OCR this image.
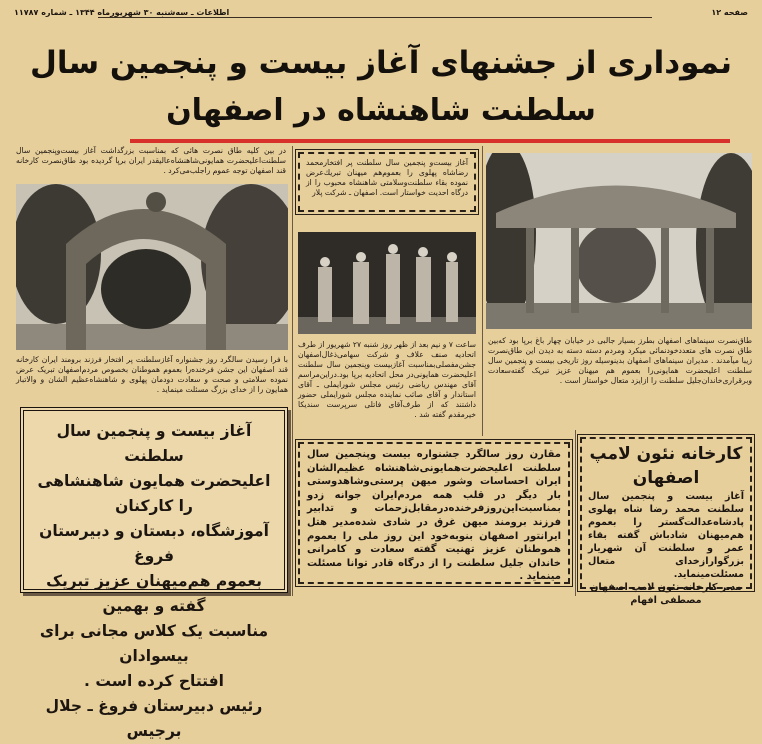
صفحه ۱۲
اطلاعات ـ سه‌شنبه ۳۰ شهریورماه ۱۳۴۴ ـ شماره ۱۱۷۸۷
نموداری از جشنهای آغاز بیست و پنجمین سال
سلطنت شاهنشاه در اصفهان
در بین کلیه طاق نصرت هائی که بمناسبت بزرگداشت آغاز بیست‌وپنجمین سال سلطنت‌اعلیحضرت همایونی‌شاهنشاه‌عالیقدر ایران برپا گردیده بود طاق‌نصرت کارخانه قند اصفهان توجه عموم راجلب‌می‌کرد .
با فرا رسیدن سالگرد روز جشنواره آغازسلطنت پر افتخار فرزند برومند ایران کارخانه قند اصفهان این جشن فرخنده‌را بعموم هموطنان بخصوص مردم‌اصفهان تبریک عرض نموده سلامتی و صحت و سعادت دودمان پهلوی و شاهنشاه‌عظیم الشان و والاتبار همایون را از خدای بزرگ مسئلت مینماید .
آغاز بیست و پنجمین سال سلطنت
اعلیحضرت همایون شاهنشاهی را کارکنان
آموزشگاه، دبستان و دبیرستان فروغ
بعموم هم‌میهنان عزیز تبریک گفته و بهمین
مناسبت یک کلاس مجانی برای بیسوادان
افتتاح کرده است .
رئیس دبیرستان فروغ ـ جلال برجیس
آغاز بیست‌و پنجمین سال سلطنت پر افتخارمحمد رضاشاه پهلوی را بعموم‌هم میهنان تبریك‌عرض نموده بقاء سلطنت‌وسلامتی شاهنشاه محبوب را از درگاه احدیت خواستار است. اصفهان ـ شرکت پلار
ساعت ۷ و نیم بعد از ظهر روز شنبه ۲۷ شهریور از طرف اتحادیه صنف علاف و شرکت سهامی‌ذغال‌اصفهان جشن‌مفصلی‌بمناسبت آغازبیست وپنجمین سال سلطنت اعلیحضرت همایونی‌در محل اتحادیه برپا بود.دراین‌مراسم آقای مهندس ریاضی رئیس مجلس شورایملی ـ آقای استاندار و آقای صائب نماینده مجلس شورایملی حضور داشتند که از طرف‌آقای فاتلی سرپرست سندیکا خیرمقدم گفته شد .
مقارن روز سالگرد جشنواره بیست وپنجمین سال سلطنت اعلیحضرت‌همایونی‌شاهنشاه عظیم‌الشان ایران احساسات وشور میهن پرستی‌وشاهدوستی بار دیگر در قلب همه مردم‌ایران جوانه زدو بمناسبت‌این‌روزفرخنده‌درمقابل‌زحمات و تدابیر فرزند برومند میهن غرق در شادی شده‌مدیر هتل ایرانتور اصفهان بنوبه‌خود این روز ملی را بعموم هموطنان عزیز تهنیت گفته سعادت و کامرانی خاندان جلیل سلطنت را از درگاه قادر توانا مسئلت مینماید .
طاق‌نصرت سینماهای اصفهان بطرز بسیار جالبی در خیابان چهار باغ برپا بود که‌بین طاق نصرت های متعدد‌خودنمائی میکرد ومردم دسته دسته به دیدن این طاق‌نصرت زیبا میآمدند . مدیران سینماهای اصفهان بدینوسیله روز تاریخی بیست و پنجمین سال سلطنت اعلیحضرت همایونی‌را بعموم هم میهنان عزیز تبریک گفته‌سعادت وبرقراری‌خاندان‌جلیل سلطنت را ازایزد متعال خواستار است .
کارخانه نئون لامپ اصفهان
آغاز بیست و پنجمین سال سلطنت محمد رضا شاه پهلوی پادشاه‌عدالت‌گستر را بعموم هم‌میهنان شادباش گفته بقاء عمر و سلطنت آن شهریار بزرگوار‌ازخدای متعال مسئلت‌مینماید.
مدیر کارخانه نئون لامپ اصفهان
مصطفی افهام
